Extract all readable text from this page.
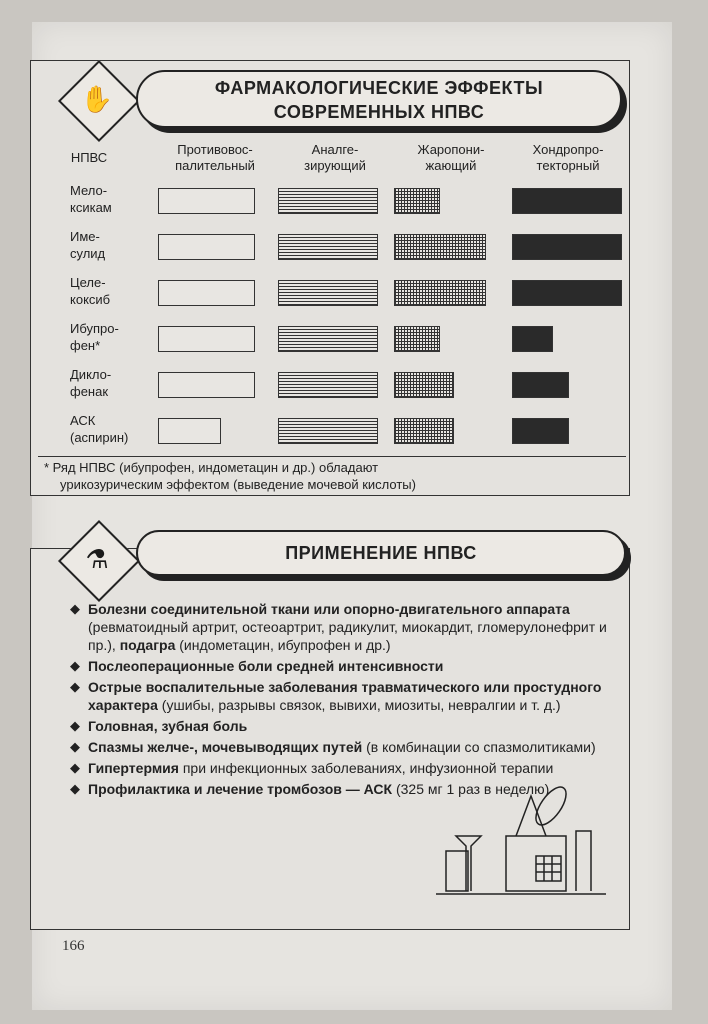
✋	ФАРМАКОЛОГИЧЕСКИЕ ЭФФЕКТЫ
СОВРЕМЕННЫХ НПВС
НПВС
Противовос-
палительный
Аналге-
зирующий
Жаропони-
жающий
Хондропро-
текторный
Мело-
ксикам
Име-
сулид
Целе-
коксиб
Ибупро-
фен*
Дикло-
фенак
АСК
(аспирин)
* Ряд НПВС (ибупрофен, индометацин и др.) обладают
урикозурическим эффектом (выведение мочевой кислоты)
⚗	ПРИМЕНЕНИЕ НПВС
◆ Болезни соединительной ткани или опорно-двигательного аппарата (ревматоидный артрит, остеоартрит, радикулит, миокардит, гломерулонефрит и пр.), подагра (индометацин, ибупрофен и др.)
◆ Послеоперационные боли средней интенсивности
◆ Острые воспалительные заболевания травматического или простудного характера (ушибы, разрывы связок, вывихи, миозиты, невралгии и т. д.)
◆ Головная, зубная боль
◆ Спазмы желче-, мочевыводящих путей (в комбинации со спазмолитиками)
◆ Гипертермия при инфекционных заболеваниях, инфузионной терапии
◆ Профилактика и лечение тромбозов — АСК (325 мг 1 раз в неделю)
166
